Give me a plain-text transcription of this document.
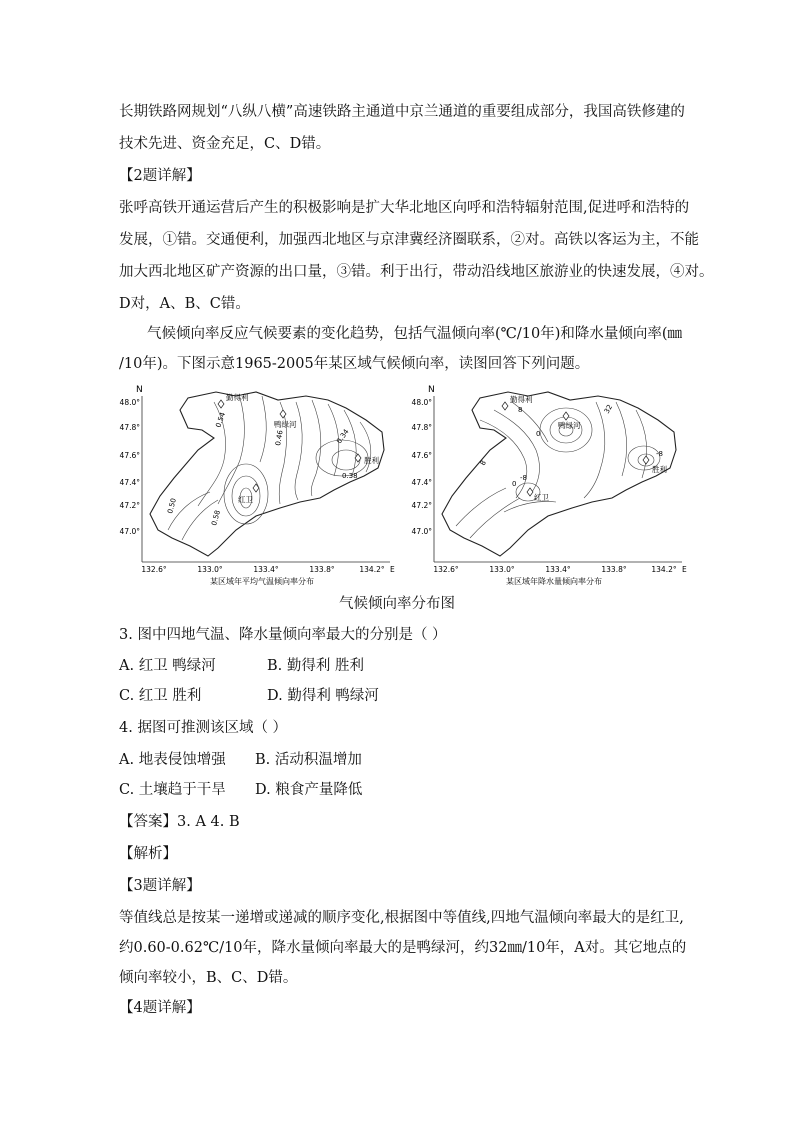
长期铁路网规划“八纵八横”高速铁路主通道中京兰通道的重要组成部分，我国高铁修建的
技术先进、资金充足，C、D错。
【2题详解】
张呼高铁开通运营后产生的积极影响是扩大华北地区向呼和浩特辐射范围,促进呼和浩特的
发展，①错。交通便利，加强西北地区与京津冀经济圈联系，②对。高铁以客运为主，不能
加大西北地区矿产资源的出口量，③错。利于出行，带动沿线地区旅游业的快速发展，④对。
D对，A、B、C错。
气候倾向率反应气候要素的变化趋势，包括气温倾向率(℃/10年)和降水量倾向率(㎜
/10年)。下图示意1965-2005年某区域气候倾向率，读图回答下列问题。
N
48.0°
47.8°
47.6°
47.4°
47.2°
47.0°
132.6°	133.0°	133.4°	133.8°	134.2° E
勤得利
鸭绿河
胜利
红卫
0.54
0.46	0.34
0.38
0.50
0.58
某区域年平均气温倾向率分布
N
48.0°
47.8°
47.6°
47.4°
47.2°
47.0°
132.6°	133.0°	133.4°	133.8°	134.2° E
勤得利
鸭绿河
胜利
红卫
8	32
0
8
0
-8
-8
某区域年降水量倾向率分布
气候倾向率分布图
3. 图中四地气温、降水量倾向率最大的分别是（ ）
A. 红卫 鸭绿河	B. 勤得利 胜利
C. 红卫 胜利	D. 勤得利 鸭绿河
4. 据图可推测该区域（ ）
A. 地表侵蚀增强 B. 活动积温增加
C. 土壤趋于干旱 D. 粮食产量降低
【答案】3. A 4. B
【解析】
【3题详解】
等值线总是按某一递增或递减的顺序变化,根据图中等值线,四地气温倾向率最大的是红卫,
约0.60-0.62℃/10年，降水量倾向率最大的是鸭绿河，约32㎜/10年，A对。其它地点的
倾向率较小，B、C、D错。
【4题详解】
